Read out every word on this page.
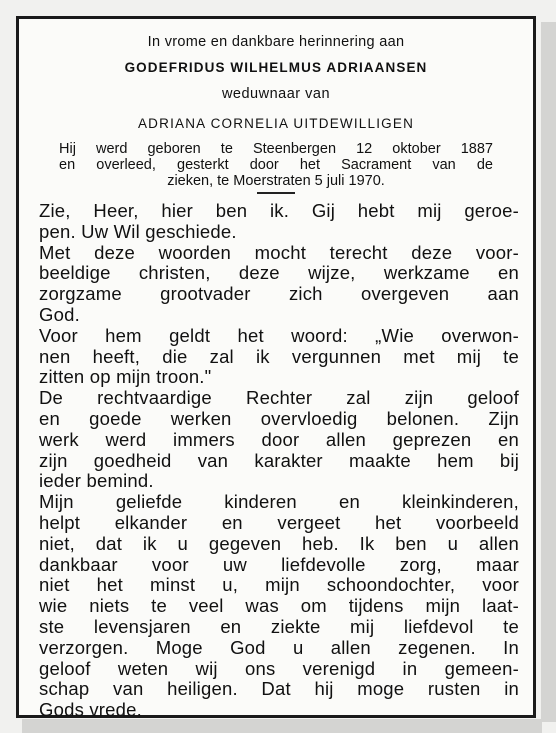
In vrome en dankbare herinnering aan
GODEFRIDUS WILHELMUS ADRIAANSEN
weduwnaar van
ADRIANA CORNELIA UITDEWILLIGEN
Hij werd geboren te Steenbergen 12 oktober 1887
en overleed, gesterkt door het Sacrament van de
zieken, te Moerstraten 5 juli 1970.
Zie, Heer, hier ben ik. Gij hebt mij geroe-
pen. Uw Wil geschiede.
Met deze woorden mocht terecht deze voor-
beeldige christen, deze wijze, werkzame en
zorgzame grootvader zich overgeven aan
God.
Voor hem geldt het woord: „Wie overwon-
nen heeft, die zal ik vergunnen met mij te
zitten op mijn troon."
De rechtvaardige Rechter zal zijn geloof
en goede werken overvloedig belonen. Zijn
werk werd immers door allen geprezen en
zijn goedheid van karakter maakte hem bij
ieder bemind.
Mijn geliefde kinderen en kleinkinderen,
helpt elkander en vergeet het voorbeeld
niet, dat ik u gegeven heb. Ik ben u allen
dankbaar voor uw liefdevolle zorg, maar
niet het minst u, mijn schoondochter, voor
wie niets te veel was om tijdens mijn laat-
ste levensjaren en ziekte mij liefdevol te
verzorgen. Moge God u allen zegenen. In
geloof weten wij ons verenigd in gemeen-
schap van heiligen. Dat hij moge rusten in
Gods vrede.
